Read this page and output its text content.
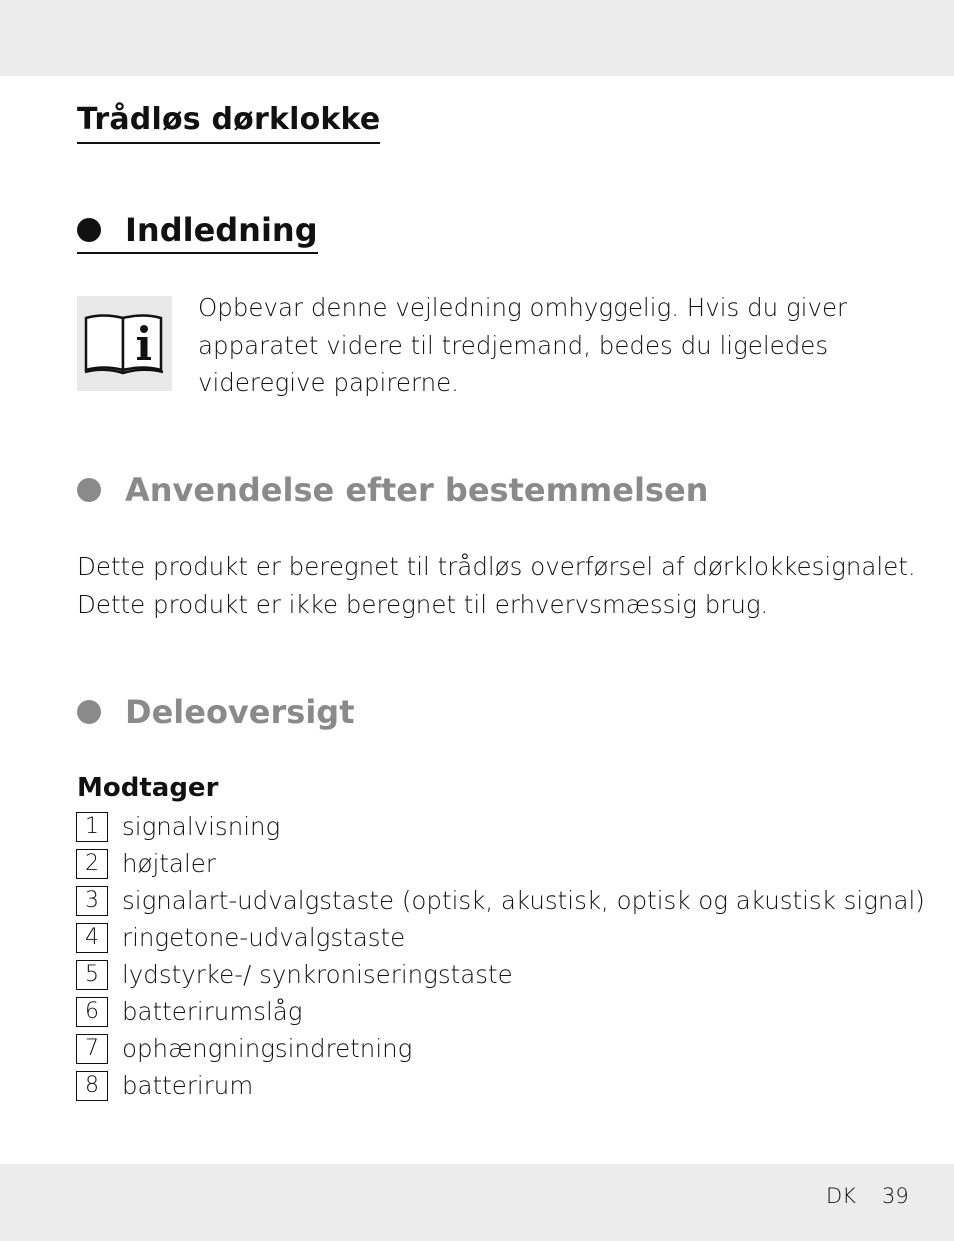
Trådløs dørklokke
Indledning
Opbevar denne vejledning omhyggelig. Hvis du giver
apparatet videre til tredjemand, bedes du ligeledes
videregive papirerne.
Anvendelse efter bestemmelsen
Dette produkt er beregnet til trådløs overførsel af dørklokkesignalet.
Dette produkt er ikke beregnet til erhvervsmæssig brug.
Deleoversigt
Modtager
1 signalvisning
2 højtaler
3 signalart-udvalgstaste (optisk, akustisk, optisk og akustisk signal)
4 ringetone-udvalgstaste
5 lydstyrke-/ synkroniseringstaste
6 batterirumslåg
7 ophængningsindretning
8 batterirum
DK 39
